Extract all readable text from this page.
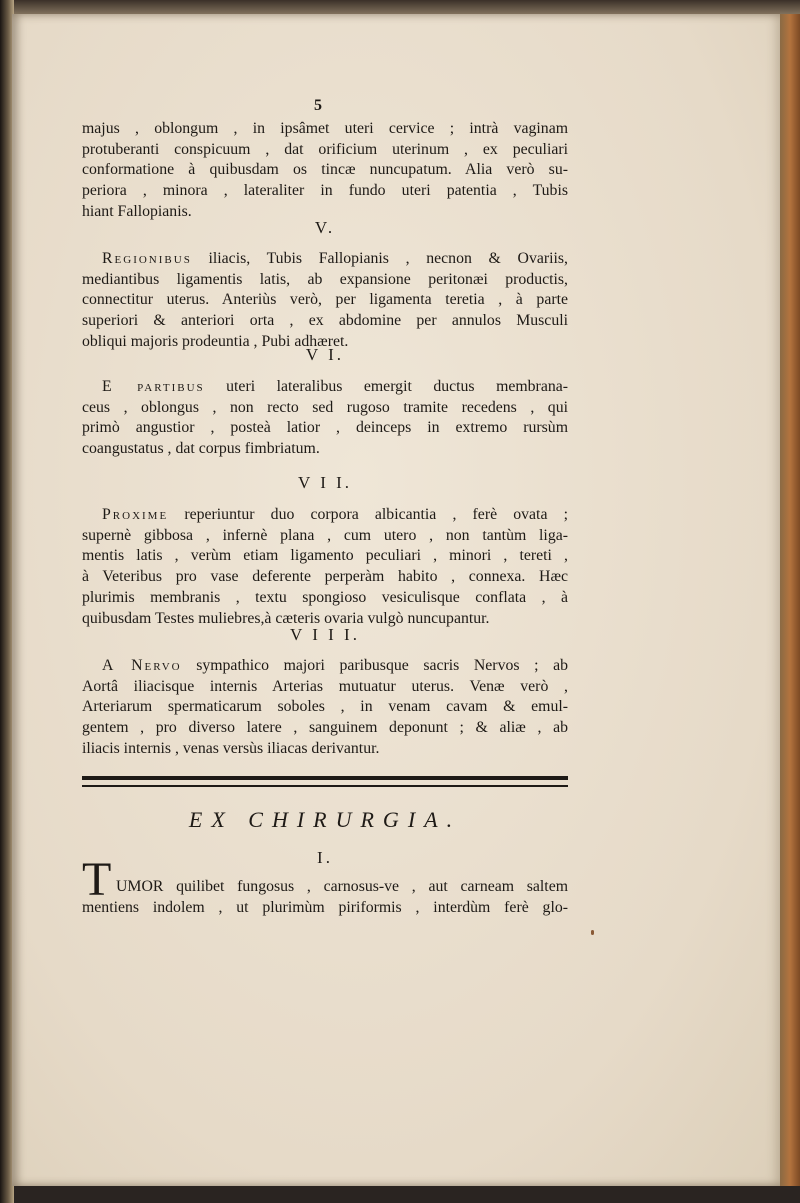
5
majus , oblongum , in ipsâmet uteri cervice ; intrà vaginam
protuberanti conspicuum , dat orificium uterinum , ex peculiari
conformatione à quibusdam os tincæ nuncupatum. Alia verò su-
periora , minora , lateraliter in fundo uteri patentia , Tubis
hiant Fallopianis.
V.
Regionibus iliacis, Tubis Fallopianis , necnon & Ovariis,
mediantibus ligamentis latis, ab expansione peritonæi productis,
connectitur uterus. Anteriùs verò, per ligamenta teretia , à parte
superiori & anteriori orta , ex abdomine per annulos Musculi
obliqui majoris prodeuntia , Pubi adhæret.
V I.
E partibus uteri lateralibus emergit ductus membrana-
ceus , oblongus , non recto sed rugoso tramite recedens , qui
primò angustior , posteà latior , deinceps in extremo rursùm
coangustatus , dat corpus fimbriatum.
V I I.
Proxime reperiuntur duo corpora albicantia , ferè ovata ;
supernè gibbosa , infernè plana , cum utero , non tantùm liga-
mentis latis , verùm etiam ligamento peculiari , minori , tereti ,
à Veteribus pro vase deferente perperàm habito , connexa. Hæc
plurimis membranis , textu spongioso vesiculisque conflata , à
quibusdam Testes muliebres,à cæteris ovaria vulgò nuncupantur.
V I I I.
A Nervo sympathico majori paribusque sacris Nervos ; ab
Aortâ iliacisque internis Arterias mutuatur uterus. Venæ verò ,
Arteriarum spermaticarum soboles , in venam cavam & emul-
gentem , pro diverso latere , sanguinem deponunt ; & aliæ , ab
iliacis internis , venas versùs iliacas derivantur.
EX CHIRURGIA.
I.
T UMOR quilibet fungosus , carnosus-ve , aut carneam saltem
mentiens indolem , ut plurimùm piriformis , interdùm ferè glo-
